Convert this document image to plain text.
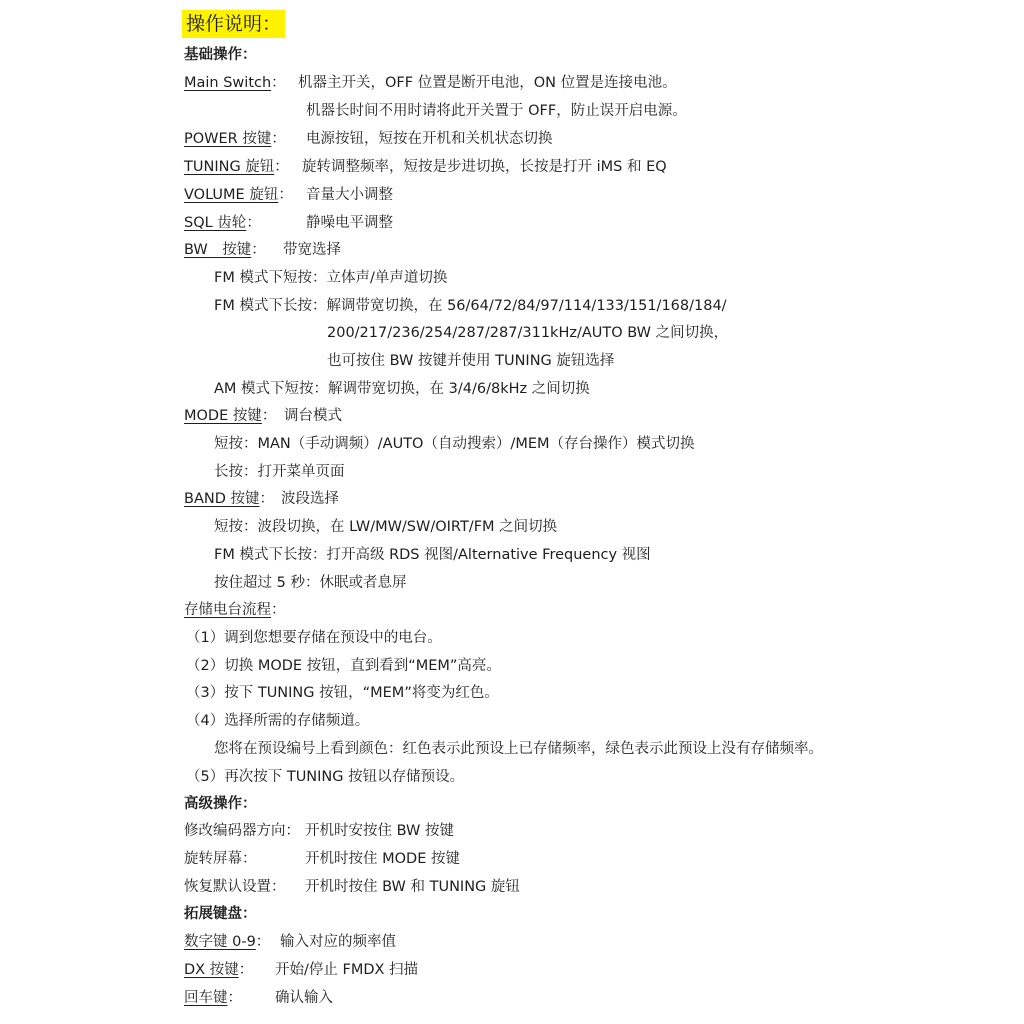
操作说明：
基础操作：
Main Switch： 机器主开关，OFF 位置是断开电池，ON 位置是连接电池。
机器长时间不用时请将此开关置于 OFF，防止误开启电源。
POWER 按键： 电源按钮，短按在开机和关机状态切换
TUNING 旋钮： 旋转调整频率，短按是步进切换，长按是打开 iMS 和 EQ
VOLUME 旋钮： 音量大小调整
SQL 齿轮：	静噪电平调整
BW　按键： 带宽选择
FM 模式下短按：立体声/单声道切换
FM 模式下长按：解调带宽切换，在 56/64/72/84/97/114/133/151/168/184/
200/217/236/254/287/287/311kHz/AUTO BW 之间切换，
也可按住 BW 按键并使用 TUNING 旋钮选择
AM 模式下短按：解调带宽切换，在 3/4/6/8kHz 之间切换
MODE 按键： 调台模式
短按：MAN（手动调频）/AUTO（自动搜索）/MEM（存台操作）模式切换
长按：打开菜单页面
BAND 按键： 波段选择
短按：波段切换，在 LW/MW/SW/OIRT/FM 之间切换
FM 模式下长按：打开高级 RDS 视图/Alternative Frequency 视图
按住超过 5 秒：休眠或者息屏
存储电台流程：
（1）调到您想要存储在预设中的电台。
（2）切换 MODE 按钮，直到看到“MEM”高亮。
（3）按下 TUNING 按钮，“MEM”将变为红色。
（4）选择所需的存储频道。
您将在预设编号上看到颜色：红色表示此预设上已存储频率，绿色表示此预设上没有存储频率。
（5）再次按下 TUNING 按钮以存储预设。
高级操作：
修改编码器方向： 开机时安按住 BW 按键
旋转屏幕：	开机时按住 MODE 按键
恢复默认设置： 开机时按住 BW 和 TUNING 旋钮
拓展键盘：
数字键 0-9： 输入对应的频率值
DX 按键： 开始/停止 FMDX 扫描
回车键： 确认输入
